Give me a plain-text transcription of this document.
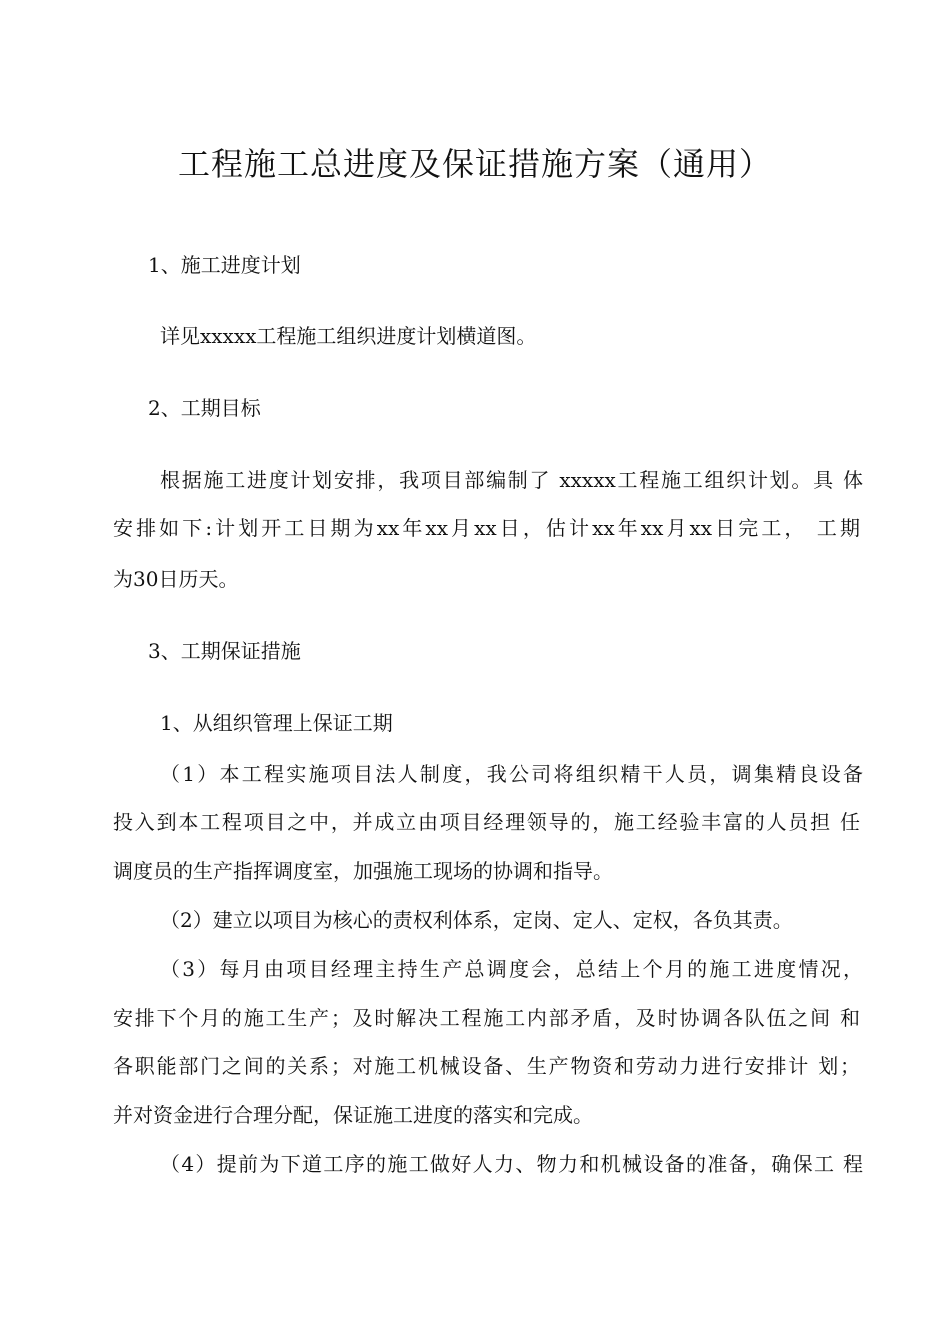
工程施工总进度及保证措施方案（通用）
1、施工进度计划
详见xxxxx工程施工组织进度计划横道图。
2、工期目标
根据施工进度计划安排，我项目部编制了 xxxxx工程施工组织计划。具 体
安排如下:计划开工日期为xx年xx月xx日，估计xx年xx月xx日完工， 工期
为30日历天。
3、工期保证措施
1、从组织管理上保证工期
（1）本工程实施项目法人制度，我公司将组织精干人员，调集精良设备
投入到本工程项目之中，并成立由项目经理领导的，施工经验丰富的人员担 任
调度员的生产指挥调度室，加强施工现场的协调和指导。
（2）建立以项目为核心的责权利体系，定岗、定人、定权，各负其责。
（3）每月由项目经理主持生产总调度会，总结上个月的施工进度情况，
安排下个月的施工生产；及时解决工程施工内部矛盾，及时协调各队伍之间 和
各职能部门之间的关系；对施工机械设备、生产物资和劳动力进行安排计 划；
并对资金进行合理分配，保证施工进度的落实和完成。
（4）提前为下道工序的施工做好人力、物力和机械设备的准备，确保工 程
